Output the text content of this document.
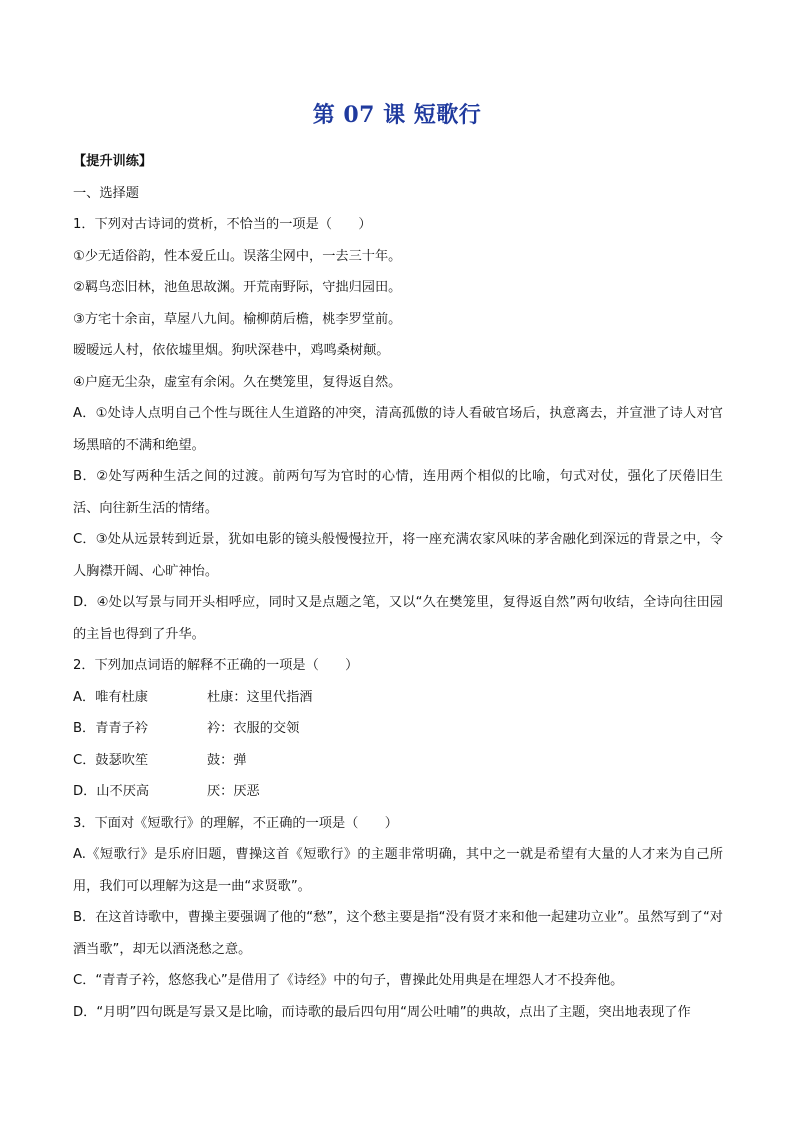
第 07 课 短歌行
【提升训练】
一、选择题
1．下列对古诗词的赏析，不恰当的一项是（　　）
①少无适俗韵，性本爱丘山。误落尘网中，一去三十年。
②羁鸟恋旧林，池鱼思故渊。开荒南野际，守拙归园田。
③方宅十余亩，草屋八九间。榆柳荫后檐，桃李罗堂前。
暧暧远人村，依依墟里烟。狗吠深巷中，鸡鸣桑树颠。
④户庭无尘杂，虚室有余闲。久在樊笼里，复得返自然。
A．①处诗人点明自己个性与既往人生道路的冲突，清高孤傲的诗人看破官场后，执意离去，并宣泄了诗人对官场黑暗的不满和绝望。
B．②处写两种生活之间的过渡。前两句写为官时的心情，连用两个相似的比喻，句式对仗，强化了厌倦旧生活、向往新生活的情绪。
C．③处从远景转到近景，犹如电影的镜头般慢慢拉开，将一座充满农家风味的茅舍融化到深远的背景之中，令人胸襟开阔、心旷神怡。
D．④处以写景与同开头相呼应，同时又是点题之笔，又以“久在樊笼里，复得返自然”两句收结，全诗向往田园的主旨也得到了升华。
2．下列加点词语的解释不正确的一项是（　　）
A．唯有杜康	杜康：这里代指酒
B．青青子衿	衿：衣服的交领
C．鼓瑟吹笙	鼓：弹
D．山不厌高	厌：厌恶
3．下面对《短歌行》的理解，不正确的一项是（　　）
A.《短歌行》是乐府旧题，曹操这首《短歌行》的主题非常明确，其中之一就是希望有大量的人才来为自己所用，我们可以理解为这是一曲“求贤歌”。
B．在这首诗歌中，曹操主要强调了他的“愁”，这个愁主要是指“没有贤才来和他一起建功立业”。虽然写到了“对酒当歌”，却无以酒浇愁之意。
C．“青青子衿，悠悠我心”是借用了《诗经》中的句子，曹操此处用典是在埋怨人才不投奔他。
D．“月明”四句既是写景又是比喻，而诗歌的最后四句用“周公吐哺”的典故，点出了主题，突出地表现了作
